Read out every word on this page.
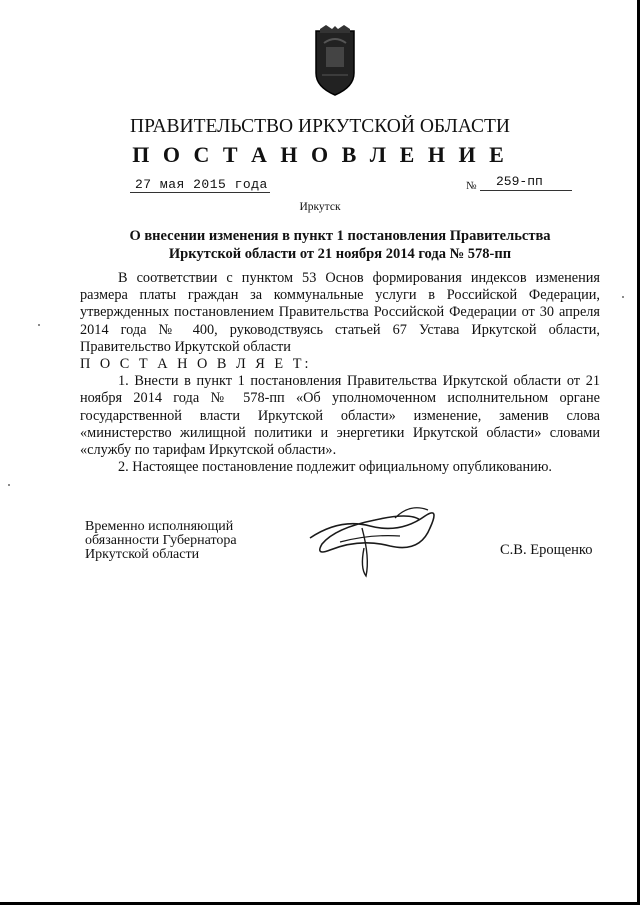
ПРАВИТЕЛЬСТВО ИРКУТСКОЙ ОБЛАСТИ
П О С Т А Н О В Л Е Н И Е
27 мая 2015 года	№ 259-пп
Иркутск
О внесении изменения в пункт 1 постановления Правительства
Иркутской области от 21 ноября 2014 года № 578-пп

В соответствии с пунктом 53 Основ формирования индексов изменения размера платы граждан за коммунальные услуги в Российской Федерации, утвержденных постановлением Правительства Российской Федерации от 30 апреля 2014 года № 400, руководствуясь статьей 67 Устава Иркутской области, Правительство Иркутской области

П О С Т А Н О В Л Я Е Т:

1. Внести в пункт 1 постановления Правительства Иркутской области от 21 ноября 2014 года № 578-пп «Об уполномоченном исполнительном органе государственной власти Иркутской области» изменение, заменив слова «министерство жилищной политики и энергетики Иркутской области» словами «службу по тарифам Иркутской области».

2. Настоящее постановление подлежит официальному опубликованию.

Временно исполняющий
обязанности Губернатора
Иркутской области	С.В. Ерощенко
